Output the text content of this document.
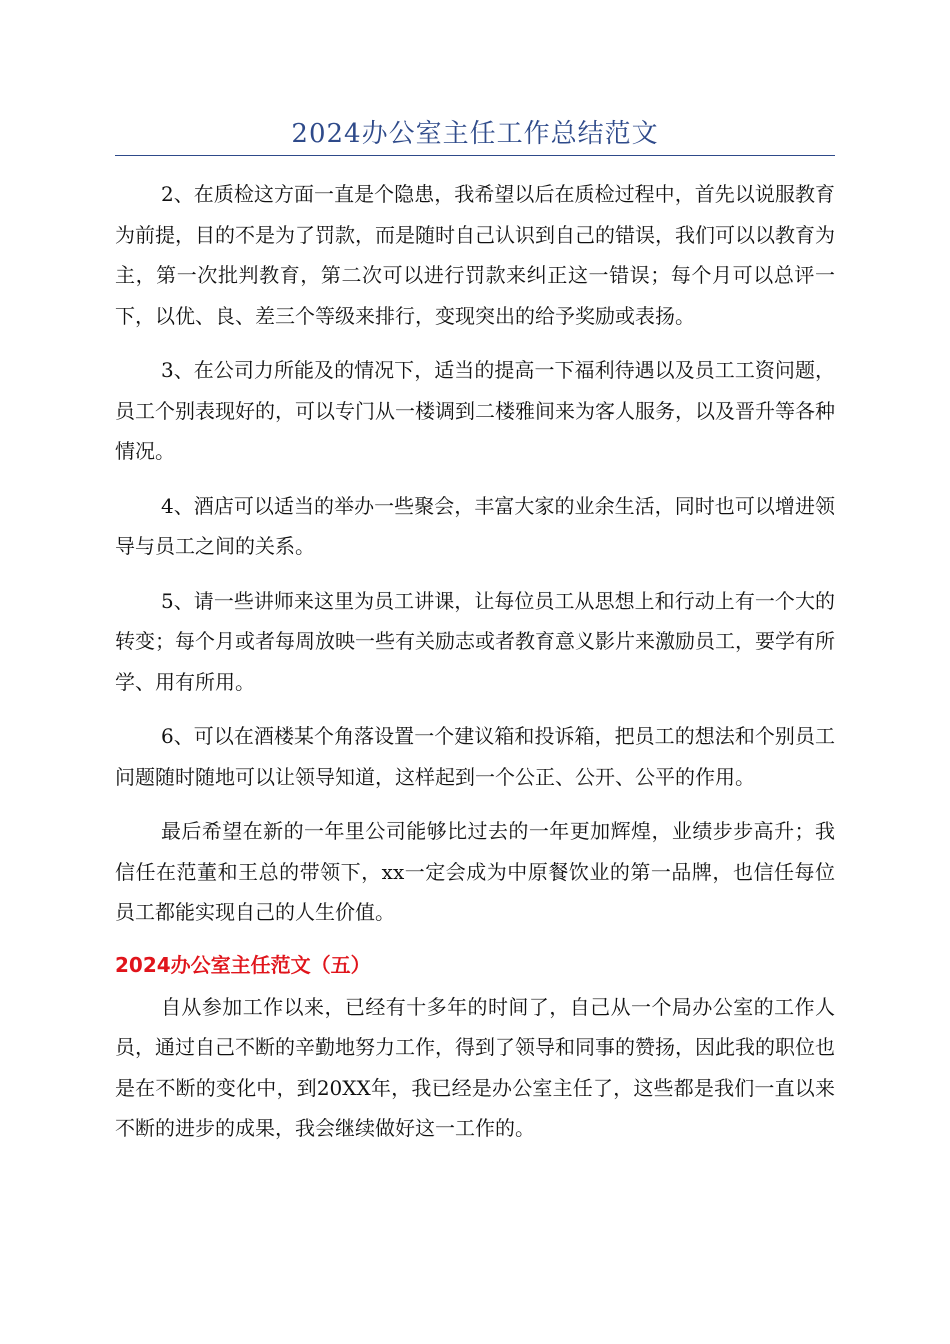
2024办公室主任工作总结范文

2、在质检这方面一直是个隐患，我希望以后在质检过程中，首先以说服教育为前提，目的不是为了罚款，而是随时自己认识到自己的错误，我们可以以教育为主，第一次批判教育，第二次可以进行罚款来纠正这一错误；每个月可以总评一下，以优、良、差三个等级来排行，变现突出的给予奖励或表扬。

3、在公司力所能及的情况下，适当的提高一下福利待遇以及员工工资问题，员工个别表现好的，可以专门从一楼调到二楼雅间来为客人服务，以及晋升等各种情况。

4、酒店可以适当的举办一些聚会，丰富大家的业余生活，同时也可以增进领导与员工之间的关系。

5、请一些讲师来这里为员工讲课，让每位员工从思想上和行动上有一个大的转变；每个月或者每周放映一些有关励志或者教育意义影片来激励员工，要学有所学、用有所用。

6、可以在酒楼某个角落设置一个建议箱和投诉箱，把员工的想法和个别员工问题随时随地可以让领导知道，这样起到一个公正、公开、公平的作用。

最后希望在新的一年里公司能够比过去的一年更加辉煌，业绩步步高升；我信任在范董和王总的带领下，xx一定会成为中原餐饮业的第一品牌，也信任每位员工都能实现自己的人生价值。

2024办公室主任范文（五）

自从参加工作以来，已经有十多年的时间了，自己从一个局办公室的工作人员，通过自己不断的辛勤地努力工作，得到了领导和同事的赞扬，因此我的职位也是在不断的变化中，到20XX年，我已经是办公室主任了，这些都是我们一直以来不断的进步的成果，我会继续做好这一工作的。
